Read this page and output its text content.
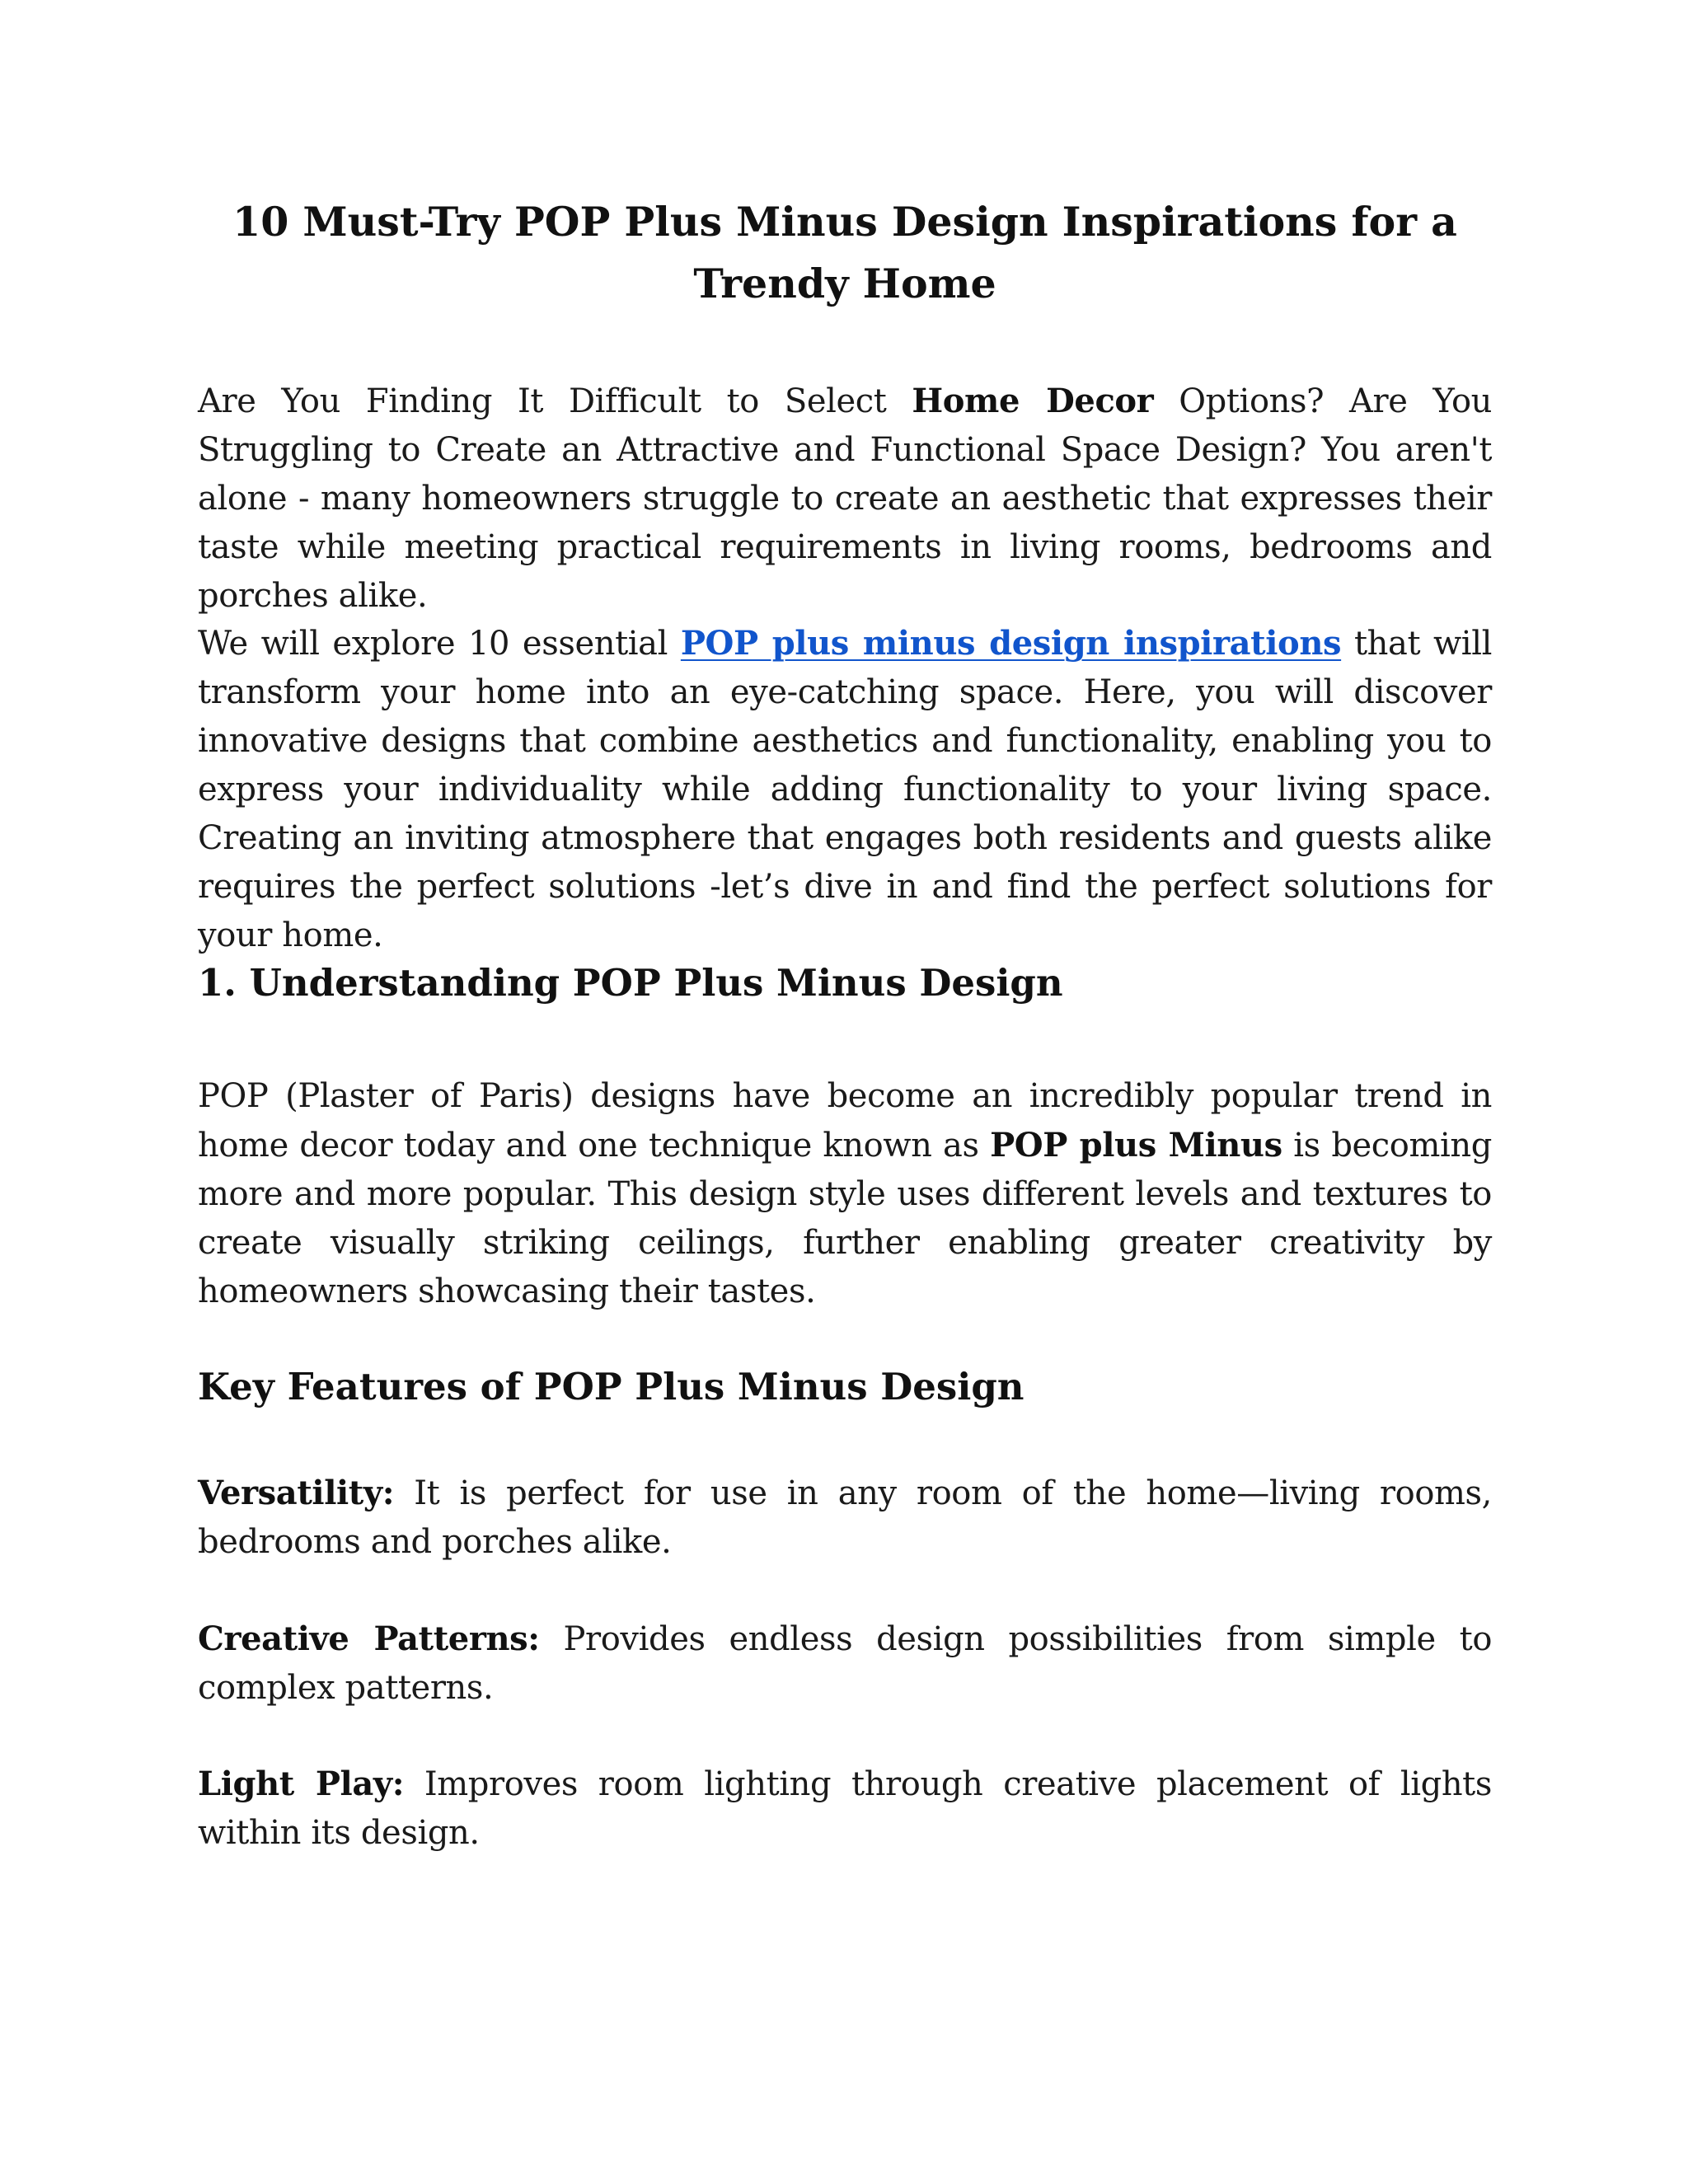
10 Must-Try POP Plus Minus Design Inspirations for a Trendy Home

Are You Finding It Difficult to Select Home Decor Options? Are You Struggling to Create an Attractive and Functional Space Design? You aren't alone - many homeowners struggle to create an aesthetic that expresses their taste while meeting practical requirements in living rooms, bedrooms and porches alike.

We will explore 10 essential POP plus minus design inspirations that will transform your home into an eye-catching space. Here, you will discover innovative designs that combine aesthetics and functionality, enabling you to express your individuality while adding functionality to your living space. Creating an inviting atmosphere that engages both residents and guests alike requires the perfect solutions -let’s dive in and find the perfect solutions for your home.

1. Understanding POP Plus Minus Design

POP (Plaster of Paris) designs have become an incredibly popular trend in home decor today and one technique known as POP plus Minus is becoming more and more popular. This design style uses different levels and textures to create visually striking ceilings, further enabling greater creativity by homeowners showcasing their tastes.

Key Features of POP Plus Minus Design

Versatility: It is perfect for use in any room of the home—living rooms, bedrooms and porches alike.

Creative Patterns: Provides endless design possibilities from simple to complex patterns.

Light Play: Improves room lighting through creative placement of lights within its design.
